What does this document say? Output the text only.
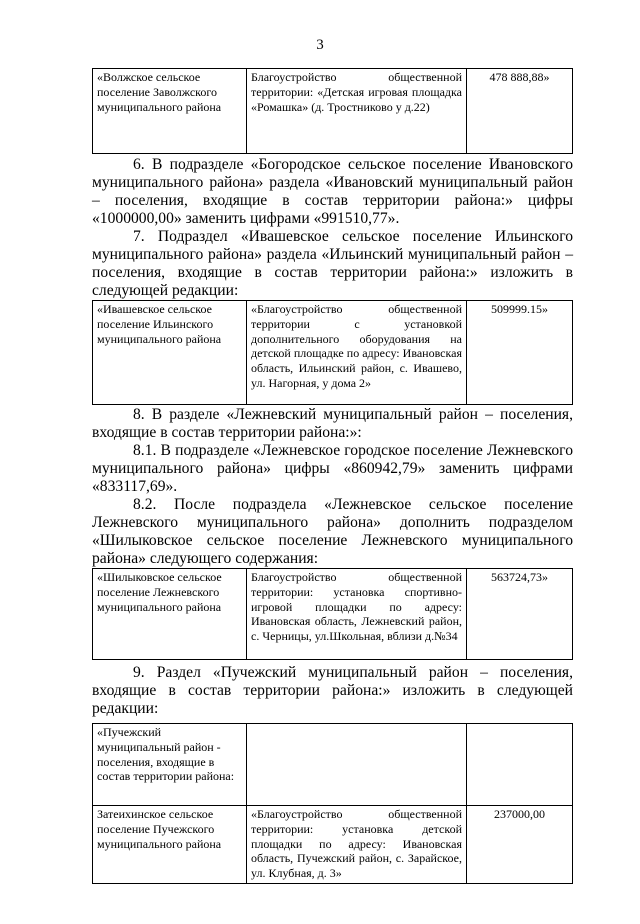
3
«Волжское сельское поселение Заволжского муниципального района	Благоустройство общественной территории: «Детская игровая площадка «Ромашка» (д. Тростниково у д.22)	478 888,88»

6. В подразделе «Богородское сельское поселение Ивановского муниципального района» раздела «Ивановский муниципальный район – поселения, входящие в состав территории района:» цифры «1000000,00» заменить цифрами «991510,77».

7. Подраздел «Ивашевское сельское поселение Ильинского муниципального района» раздела «Ильинский муниципальный район – поселения, входящие в состав территории района:» изложить в следующей редакции:

«Ивашевское сельское поселение Ильинского муниципального района	«Благоустройство общественной территории с установкой дополнительного оборудования на детской площадке по адресу: Ивановская область, Ильинский район, с. Ивашево, ул. Нагорная, у дома 2»	509999.15»

8. В разделе «Лежневский муниципальный район – поселения, входящие в состав территории района:»:

8.1. В подразделе «Лежневское городское поселение Лежневского муниципального района» цифры «860942,79» заменить цифрами «833117,69».

8.2. После подраздела «Лежневское сельское поселение Лежневского муниципального района» дополнить подразделом «Шилыковское сельское поселение Лежневского муниципального района» следующего содержания:

«Шилыковское сельское поселение Лежневского муниципального района	Благоустройство общественной территории: установка спортивно-игровой площадки по адресу: Ивановская область, Лежневский район, с. Черницы, ул.Школьная, вблизи д.№34	563724,73»

9. Раздел «Пучежский муниципальный район – поселения, входящие в состав территории района:» изложить в следующей редакции:

«Пучежский муниципальный район - поселения, входящие в состав территории района:		
Затеихинское сельское поселение Пучежского муниципального района	«Благоустройство общественной территории: установка детской площадки по адресу: Ивановская область, Пучежский район, с. Зарайское, ул. Клубная, д. 3»	237000,00
